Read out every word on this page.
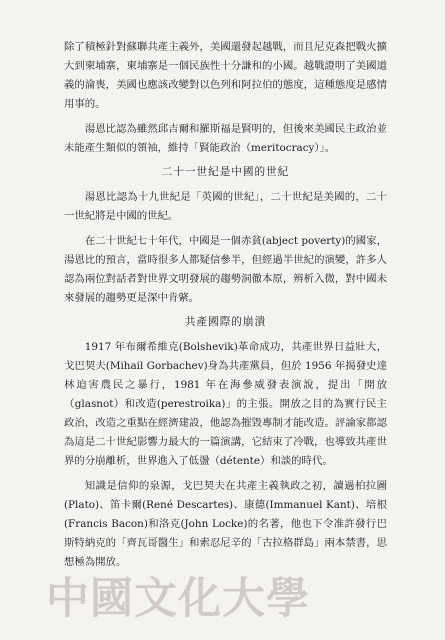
除了積極針對蘇聯共產主義外，美國還發起越戰，而且尼克森把戰火擴大到柬埔寨，柬埔寨是一個民族性十分謙和的小國。越戰證明了美國道義的淪喪，美國也應該改變對以色列和阿拉伯的態度，這種態度是感情用事的。

湯恩比認為雖然邱吉爾和羅斯福是賢明的，但後來美國民主政治並未能產生類似的領袖，維持「賢能政治（meritocracy）」。

二十一世紀是中國的世紀

湯恩比認為十九世紀是「英國的世紀」，二十世紀是美國的，二十一世紀將是中國的世紀。

在二十世紀七十年代，中國是一個赤貧(abject poverty)的國家，湯恩比的預言，當時很多人都疑信參半，但經過半世紀的演變，許多人認為兩位對話者對世界文明發展的趨勢洞徹本原，辨析入微，對中國未來發展的趨勢更是深中肯綮。

共產國際的崩潰

1917 年布爾希維克(Bolshevik)革命成功，共產世界日益壯大，戈巴契夫(Mihail Gorbachev)身為共產黨員，但於 1956 年揭發史達林迫害農民之暴行，1981 年在海參威發表演說，提出「開放（glasnot）和改造(perestroika)」的主張。開放之目的為實行民主政治，改造之重點在經濟建設，他認為摧毀專制才能改造。評論家都認為這是二十世紀影響力最大的一篇演講，它結束了冷戰，也導致共產世界的分崩離析，世界進入了低盪（détente）和談的時代。

知識是信仰的泉源，戈巴契夫在共產主義執政之初，讀過柏拉圖(Plato)、笛卡爾(René Descartes)、康德(Immanuel Kant)、培根(Francis Bacon)和洛克(John Locke)的名著，他也下令准許發行巴斯特納克的「齊瓦哥醫生」和索忍尼辛的「古拉格群島」兩本禁書，思想極為開放。

中國文化大學
